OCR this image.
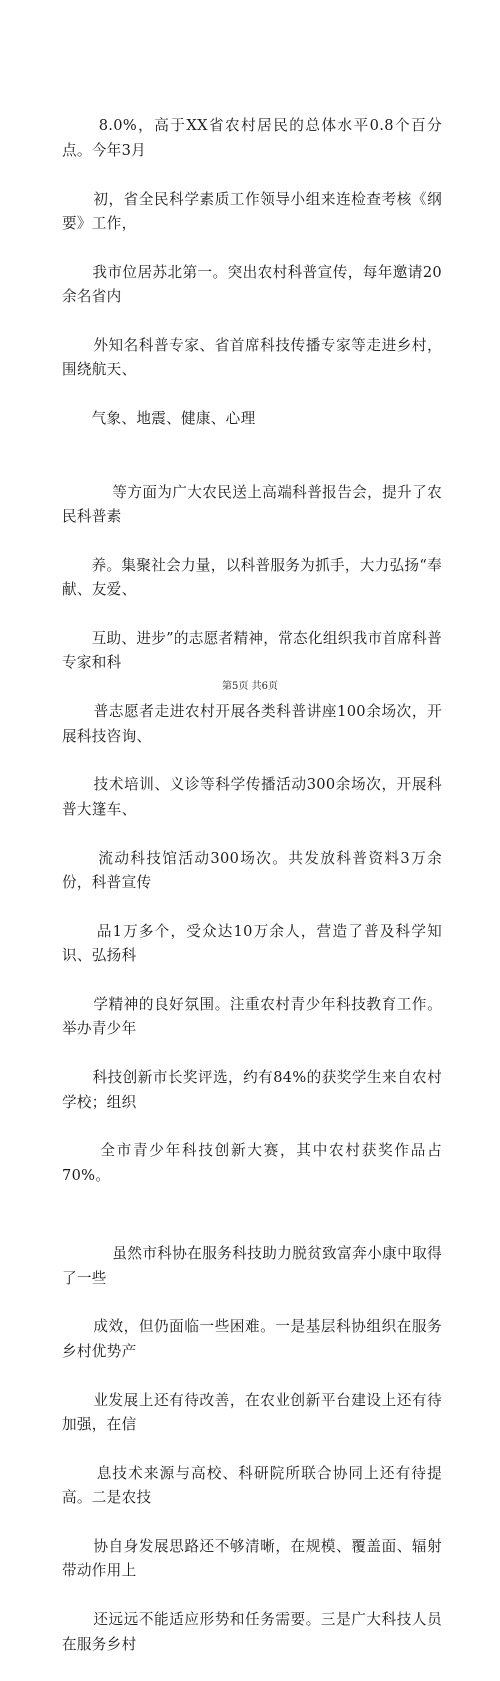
8.0%，高于XX省农村居民的总体水平0.8个百分点。今年3月

初，省全民科学素质工作领导小组来连检查考核《纲要》工作，

我市位居苏北第一。突出农村科普宣传，每年邀请20余名省内

外知名科普专家、省首席科技传播专家等走进乡村，围绕航天、

气象、地震、健康、心理

等方面为广大农民送上高端科普报告会，提升了农民科普素

养。集聚社会力量，以科普服务为抓手，大力弘扬“奉献、友爱、

互助、进步”的志愿者精神，常态化组织我市首席科普专家和科

普志愿者走进农村开展各类科普讲座100余场次，开展科技咨询、

技术培训、义诊等科学传播活动300余场次，开展科普大篷车、

流动科技馆活动300场次。共发放科普资料3万余份，科普宣传

品1万多个，受众达10万余人，营造了普及科学知识、弘扬科

学精神的良好氛围。注重农村青少年科技教育工作。举办青少年

科技创新市长奖评选，约有84%的获奖学生来自农村学校；组织

全市青少年科技创新大赛，其中农村获奖作品占70%。

虽然市科协在服务科技助力脱贫致富奔小康中取得了一些

成效，但仍面临一些困难。一是基层科协组织在服务乡村优势产

业发展上还有待改善，在农业创新平台建设上还有待加强，在信

息技术来源与高校、科研院所联合协同上还有待提高。二是农技

协自身发展思路还不够清晰，在规模、覆盖面、辐射带动作用上

还远远不能适应形势和任务需要。三是广大科技人员在服务乡村

第5页 共6页
